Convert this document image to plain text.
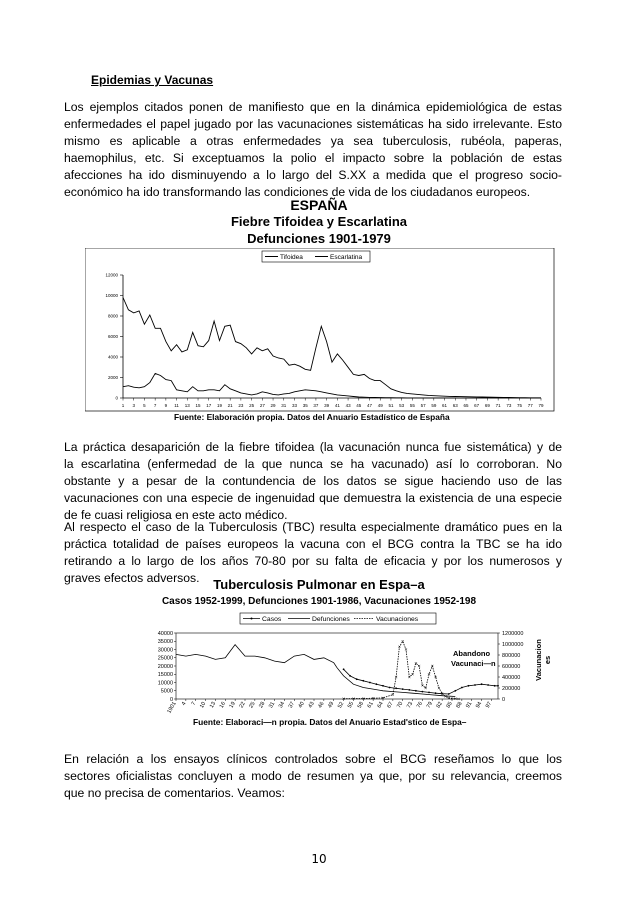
Epidemias y Vacunas
Los ejemplos citados ponen de manifiesto que en la dinámica epidemiológica de estas
enfermedades el papel jugado por las vacunaciones sistemáticas ha sido irrelevante. Esto
mismo es aplicable a otras enfermedades ya sea tuberculosis, rubéola, paperas,
haemophilus, etc. Si exceptuamos la polio el impacto sobre la población de estas
afecciones ha ido disminuyendo a lo largo del S.XX a medida que el progreso socio-
económico ha ido transformando las condiciones de vida de los ciudadanos europeos.
ESPAÑA
Fiebre Tifoidea y Escarlatina
Defunciones 1901-1979
0
2000
4000
6000
8000
10000
12000
1 3 5 7 9 11 13 15 17 19 21 23 25 27 29 31 33 35 37 39 41 43 45 47 49 51 53 55 57 59 61 63 65 67 69 71 73 75 77 79
Tifoidea	Escarlatina
Fuente: Elaboración propia. Datos del Anuario Estadístico de España
La práctica desaparición de la fiebre tifoidea (la vacunación nunca fue sistemática) y de
la escarlatina (enfermedad de la que nunca se ha vacunado) así lo corroboran. No
obstante y a pesar de la contundencia de los datos se sigue haciendo uso de las
vacunaciones con una especie de ingenuidad que demuestra la existencia de una especie
de fe cuasi religiosa en este acto médico.
Al respecto el caso de la Tuberculosis (TBC) resulta especialmente dramático pues en la
práctica totalidad de países europeos la vacuna con el BCG contra la TBC se ha ido
retirando a lo largo de los años 70-80 por su falta de eficacia y por los numerosos y
graves efectos adversos.	Tuberculosis Pulmonar en Espa–a
Casos 1952-1999, Defunciones 1901-1986, Vacunaciones 1952-198
0
5000
10000
15000
20000
25000
30000
35000
40000
0
200000
400000
600000
800000
1000000
1200000
1901 4 7 10 13 16 19 22 25 28 31 34 37 40 43 46 49 52 55 58 61 64 67 70 73 76 79 82 85 88 91 94 97
Casos	Defunciones	Vacunaciones
Abandono
Vacunaci—n	Vacunacion es
Fuente: Elaboraci—n propia. Datos del Anuario Estad'stico de Espa–
En relación a los ensayos clínicos controlados sobre el BCG reseñamos lo que los
sectores oficialistas concluyen a modo de resumen ya que, por su relevancia, creemos
que no precisa de comentarios. Veamos:
10
